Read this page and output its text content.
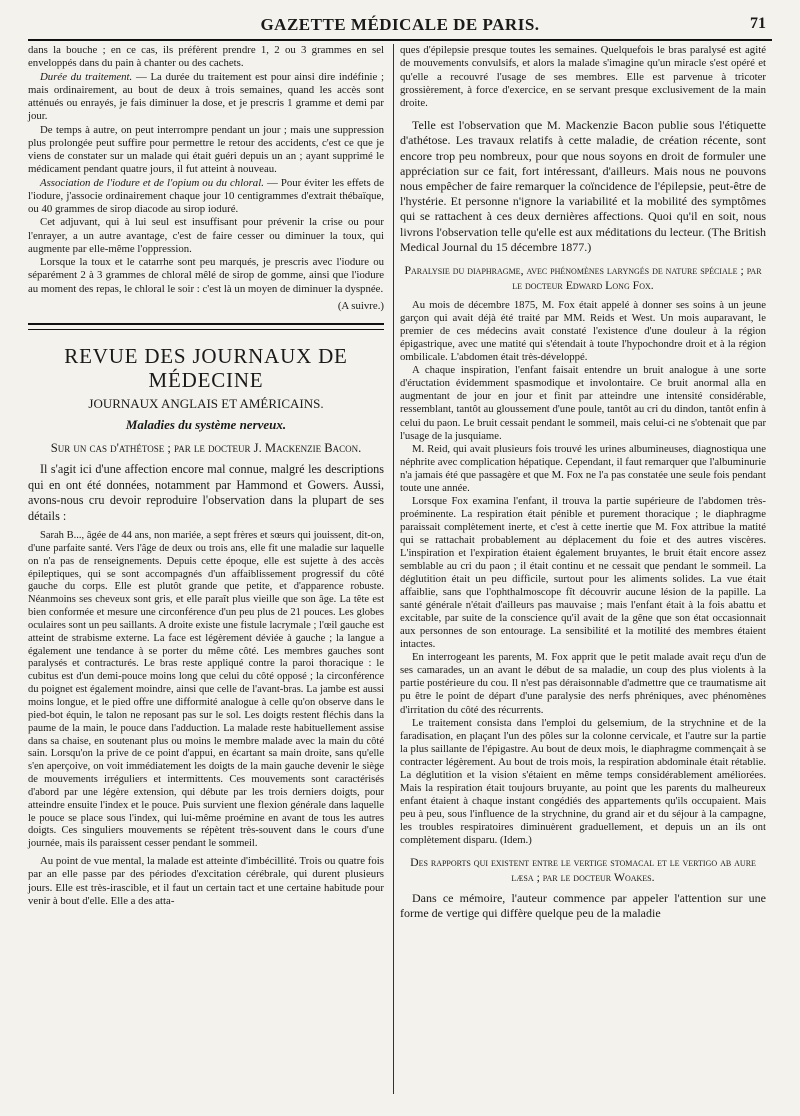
GAZETTE MÉDICALE DE PARIS.	71

dans la bouche ; en ce cas, ils préfèrent prendre 1, 2 ou 3 grammes en sel enveloppés dans du pain à chanter ou des cachets.

Durée du traitement. — La durée du traitement est pour ainsi dire indéfinie ; mais ordinairement, au bout de deux à trois semaines, quand les accès sont atténués ou enrayés, je fais diminuer la dose, et je prescris 1 gramme et demi par jour.

De temps à autre, on peut interrompre pendant un jour ; mais une suppression plus prolongée peut suffire pour permettre le retour des accidents, c'est ce que je viens de constater sur un malade qui était guéri depuis un an ; ayant supprimé le médicament pendant quatre jours, il fut atteint à nouveau.

Association de l'iodure et de l'opium ou du chloral. — Pour éviter les effets de l'iodure, j'associe ordinairement chaque jour 10 centigrammes d'extrait thébaïque, ou 40 grammes de sirop diacode au sirop ioduré.

Cet adjuvant, qui à lui seul est insuffisant pour prévenir la crise ou pour l'enrayer, a un autre avantage, c'est de faire cesser ou diminuer la toux, qui augmente par elle-même l'oppression.

Lorsque la toux et le catarrhe sont peu marqués, je prescris avec l'iodure ou séparément 2 à 3 grammes de chloral mêlé de sirop de gomme, ainsi que l'iodure au moment des repas, le chloral le soir : c'est là un moyen de diminuer la dyspnée.

(A suivre.)

REVUE DES JOURNAUX DE MÉDECINE
JOURNAUX ANGLAIS ET AMÉRICAINS.
Maladies du système nerveux.
Sur un cas d'athétose ; par le docteur J. Mackenzie Bacon.

Il s'agit ici d'une affection encore mal connue, malgré les descriptions qui en ont été données, notamment par Hammond et Gowers. Aussi, avons-nous cru devoir reproduire l'observation dans la plupart de ses détails :

Sarah B..., âgée de 44 ans, non mariée, a sept frères et sœurs qui jouissent, dit-on, d'une parfaite santé. Vers l'âge de deux ou trois ans, elle fit une maladie sur laquelle on n'a pas de renseignements. Depuis cette époque, elle est sujette à des accès épileptiques, qui se sont accompagnés d'un affaiblissement progressif du côté gauche du corps. Elle est plutôt grande que petite, et d'apparence robuste. Néanmoins ses cheveux sont gris, et elle paraît plus vieille que son âge. La tête est bien conformée et mesure une circonférence d'un peu plus de 21 pouces. Les globes oculaires sont un peu saillants. A droite existe une fistule lacrymale ; l'œil gauche est atteint de strabisme externe. La face est légèrement déviée à gauche ; la langue a également une tendance à se porter du même côté. Les membres gauches sont paralysés et contracturés. Le bras reste appliqué contre la paroi thoracique : le cubitus est d'un demi-pouce moins long que celui du côté opposé ; la circonférence du poignet est également moindre, ainsi que celle de l'avant-bras. La jambe est aussi moins longue, et le pied offre une difformité analogue à celle qu'on observe dans le pied-bot équin, le talon ne reposant pas sur le sol. Les doigts restent fléchis dans la paume de la main, le pouce dans l'adduction. La malade reste habituellement assise dans sa chaise, en soutenant plus ou moins le membre malade avec la main du côté sain. Lorsqu'on la prive de ce point d'appui, en écartant sa main droite, sans qu'elle s'en aperçoive, on voit immédiatement les doigts de la main gauche devenir le siège de mouvements irréguliers et intermittents. Ces mouvements sont caractérisés d'abord par une légère extension, qui débute par les trois derniers doigts, pour atteindre ensuite l'index et le pouce. Puis survient une flexion générale dans laquelle le pouce se place sous l'index, qui lui-même proémine en avant de tous les autres doigts. Ces singuliers mouvements se répètent très-souvent dans le cours d'une journée, mais ils paraissent cesser pendant le sommeil.

Au point de vue mental, la malade est atteinte d'imbécillité. Trois ou quatre fois par an elle passe par des périodes d'excitation cérébrale, qui durent plusieurs jours. Elle est très-irascible, et il faut un certain tact et une certaine habitude pour venir à bout d'elle. Elle a des atta-

ques d'épilepsie presque toutes les semaines. Quelquefois le bras paralysé est agité de mouvements convulsifs, et alors la malade s'imagine qu'un miracle s'est opéré et qu'elle a recouvré l'usage de ses membres. Elle est parvenue à tricoter grossièrement, à force d'exercice, en se servant presque exclusivement de la main droite.

Telle est l'observation que M. Mackenzie Bacon publie sous l'étiquette d'athétose. Les travaux relatifs à cette maladie, de création récente, sont encore trop peu nombreux, pour que nous soyons en droit de formuler une appréciation sur ce fait, fort intéressant, d'ailleurs. Mais nous ne pouvons nous empêcher de faire remarquer la coïncidence de l'épilepsie, peut-être de l'hystérie. Et personne n'ignore la variabilité et la mobilité des symptômes qui se rattachent à ces deux dernières affections. Quoi qu'il en soit, nous livrons l'observation telle qu'elle est aux méditations du lecteur. (The British Medical Journal du 15 décembre 1877.)

Paralysie du diaphragme, avec phénomènes laryngés de nature spéciale ; par le docteur Edward Long Fox.

Au mois de décembre 1875, M. Fox était appelé à donner ses soins à un jeune garçon qui avait déjà été traité par MM. Reids et West. Un mois auparavant, le premier de ces médecins avait constaté l'existence d'une douleur à la région épigastrique, avec une matité qui s'étendait à toute l'hypochondre droit et à la région ombilicale. L'abdomen était très-développé.

A chaque inspiration, l'enfant faisait entendre un bruit analogue à une sorte d'éructation évidemment spasmodique et involontaire. Ce bruit anormal alla en augmentant de jour en jour et finit par atteindre une intensité considérable, ressemblant, tantôt au gloussement d'une poule, tantôt au cri du dindon, tantôt enfin à celui du paon. Le bruit cessait pendant le sommeil, mais celui-ci ne s'obtenait que par l'usage de la jusquiame.

M. Reid, qui avait plusieurs fois trouvé les urines albumineuses, diagnostiqua une néphrite avec complication hépatique. Cependant, il faut remarquer que l'albuminurie n'a jamais été que passagère et que M. Fox ne l'a pas constatée une seule fois pendant toute une année.

Lorsque Fox examina l'enfant, il trouva la partie supérieure de l'abdomen très-proéminente. La respiration était pénible et purement thoracique ; le diaphragme paraissait complètement inerte, et c'est à cette inertie que M. Fox attribue la matité qui se rattachait probablement au déplacement du foie et des autres viscères. L'inspiration et l'expiration étaient également bruyantes, le bruit était encore assez semblable au cri du paon ; il était continu et ne cessait que pendant le sommeil. La déglutition était un peu difficile, surtout pour les aliments solides. La vue était affaiblie, sans que l'ophthalmoscope fît découvrir aucune lésion de la papille. La santé générale n'était d'ailleurs pas mauvaise ; mais l'enfant était à la fois abattu et excitable, par suite de la conscience qu'il avait de la gêne que son état occasionnait aux personnes de son entourage. La sensibilité et la motilité des membres étaient intactes.

En interrogeant les parents, M. Fox apprit que le petit malade avait reçu d'un de ses camarades, un an avant le début de sa maladie, un coup des plus violents à la partie postérieure du cou. Il n'est pas déraisonnable d'admettre que ce traumatisme ait pu être le point de départ d'une paralysie des nerfs phréniques, avec phénomènes d'irritation du côté des récurrents.

Le traitement consista dans l'emploi du gelsemium, de la strychnine et de la faradisation, en plaçant l'un des pôles sur la colonne cervicale, et l'autre sur la partie la plus saillante de l'épigastre. Au bout de deux mois, le diaphragme commençait à se contracter légèrement. Au bout de trois mois, la respiration abdominale était rétablie. La déglutition et la vision s'étaient en même temps considérablement améliorées. Mais la respiration était toujours bruyante, au point que les parents du malheureux enfant étaient à chaque instant congédiés des appartements qu'ils occupaient. Mais peu à peu, sous l'influence de la strychnine, du grand air et du séjour à la campagne, les troubles respiratoires diminuèrent graduellement, et depuis un an ils ont complètement disparu. (Idem.)

Des rapports qui existent entre le vertige stomacal et le vertigo ab aure læsa ; par le docteur Woakes.

Dans ce mémoire, l'auteur commence par appeler l'attention sur une forme de vertige qui diffère quelque peu de la maladie
